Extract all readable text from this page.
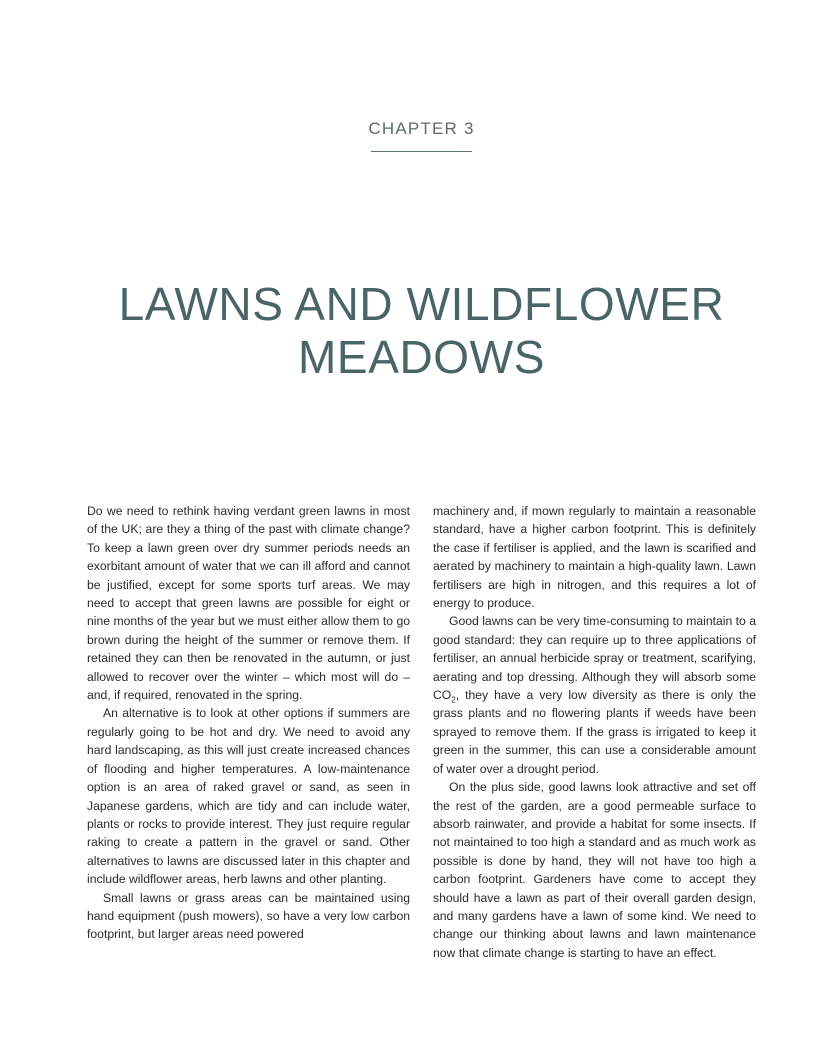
CHAPTER 3
LAWNS AND WILDFLOWER
MEADOWS

Do we need to rethink having verdant green lawns in most of the UK; are they a thing of the past with climate change? To keep a lawn green over dry summer periods needs an exorbitant amount of water that we can ill afford and cannot be justified, except for some sports turf areas. We may need to accept that green lawns are possible for eight or nine months of the year but we must either allow them to go brown during the height of the summer or remove them. If retained they can then be renovated in the autumn, or just allowed to recover over the winter – which most will do – and, if required, renovated in the spring.

An alternative is to look at other options if summers are regularly going to be hot and dry. We need to avoid any hard landscaping, as this will just create increased chances of flooding and higher temperatures. A low-maintenance option is an area of raked gravel or sand, as seen in Japanese gardens, which are tidy and can include water, plants or rocks to provide interest. They just require regular raking to create a pattern in the gravel or sand. Other alternatives to lawns are discussed later in this chapter and include wildflower areas, herb lawns and other planting.

Small lawns or grass areas can be maintained using hand equipment (push mowers), so have a very low carbon footprint, but larger areas need powered

machinery and, if mown regularly to maintain a reasonable standard, have a higher carbon footprint. This is definitely the case if fertiliser is applied, and the lawn is scarified and aerated by machinery to maintain a high-quality lawn. Lawn fertilisers are high in nitrogen, and this requires a lot of energy to produce.

Good lawns can be very time-consuming to maintain to a good standard: they can require up to three applications of fertiliser, an annual herbicide spray or treatment, scarifying, aerating and top dressing. Although they will absorb some $CO_2$, they have a very low diversity as there is only the grass plants and no flowering plants if weeds have been sprayed to remove them. If the grass is irrigated to keep it green in the summer, this can use a considerable amount of water over a drought period.

On the plus side, good lawns look attractive and set off the rest of the garden, are a good permeable surface to absorb rainwater, and provide a habitat for some insects. If not maintained to too high a standard and as much work as possible is done by hand, they will not have too high a carbon footprint. Gardeners have come to accept they should have a lawn as part of their overall garden design, and many gardens have a lawn of some kind. We need to change our thinking about lawns and lawn maintenance now that climate change is starting to have an effect.
